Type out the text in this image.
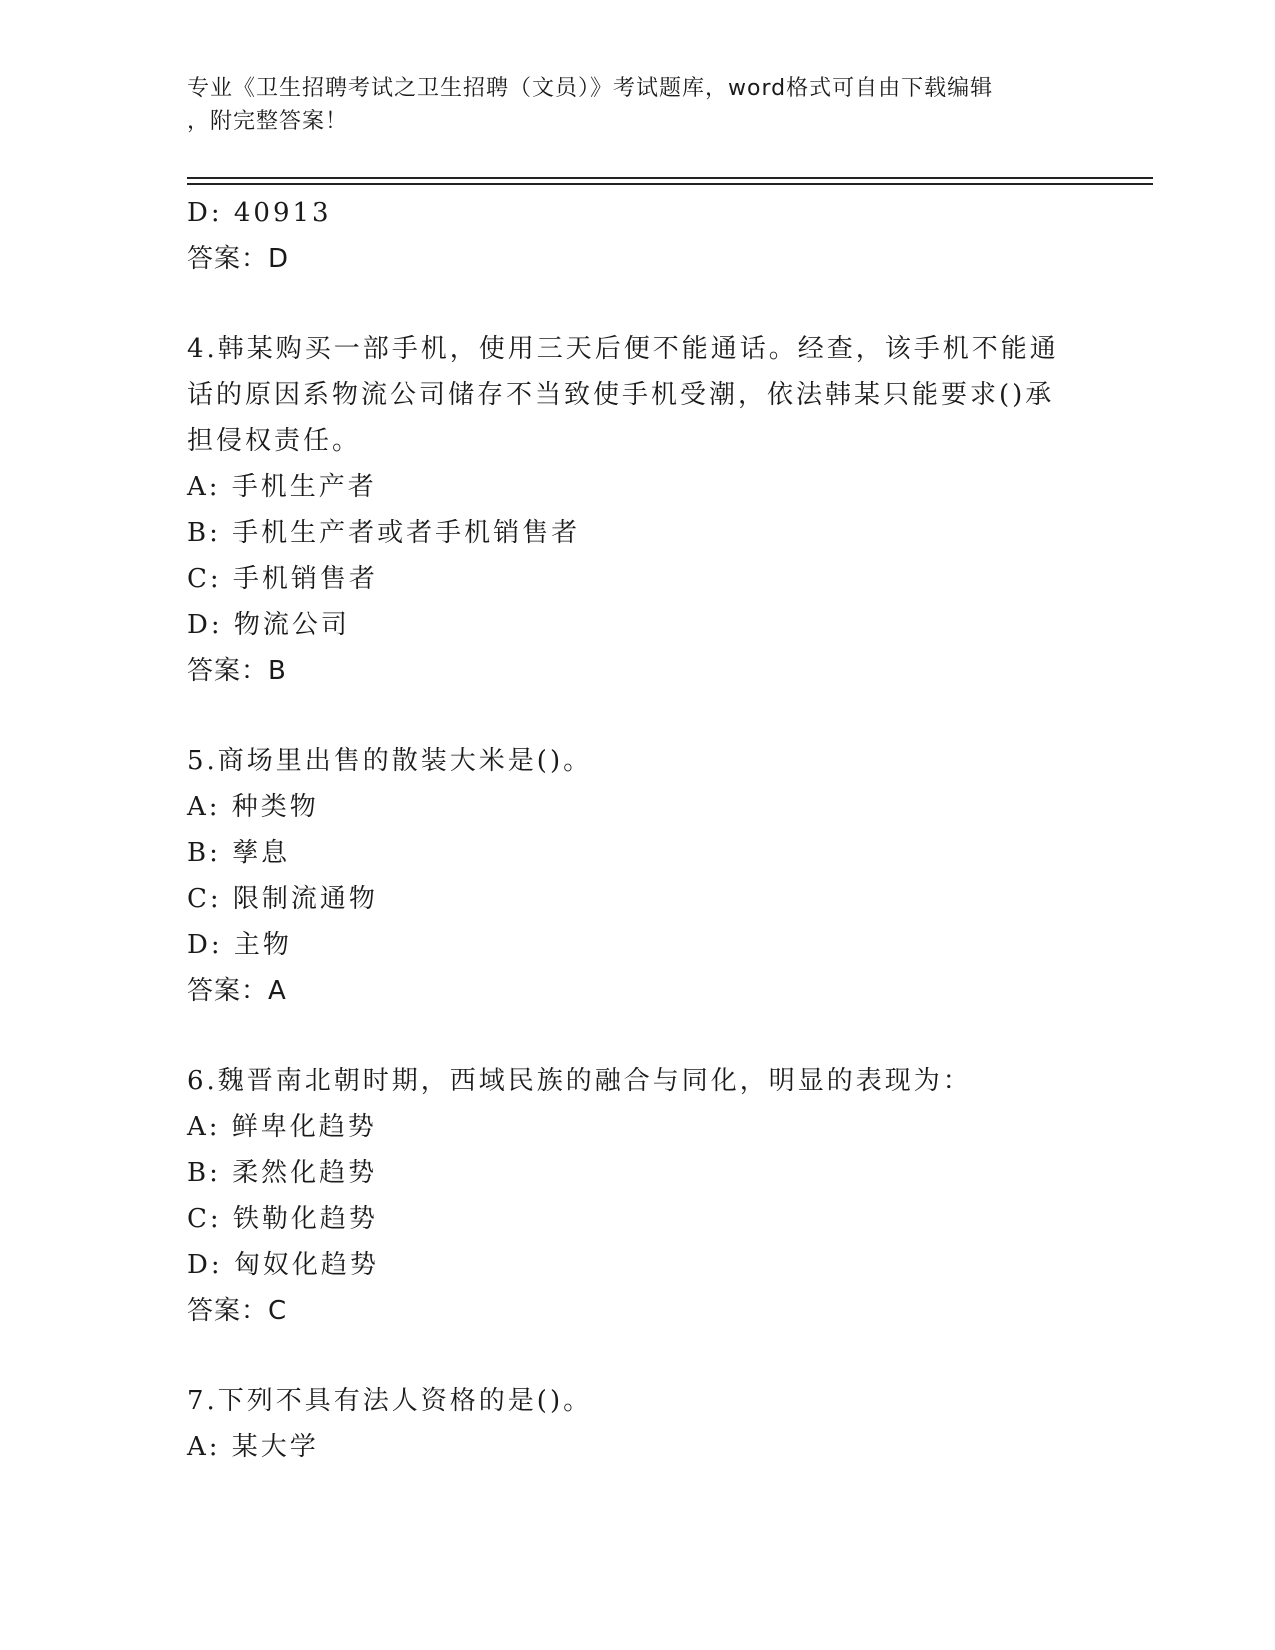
专业《卫生招聘考试之卫生招聘（文员）》考试题库，word格式可自由下载编辑
，附完整答案！
D: 40913
答案：D
4.韩某购买一部手机，使用三天后便不能通话。经查，该手机不能通
话的原因系物流公司储存不当致使手机受潮，依法韩某只能要求()承
担侵权责任。
A: 手机生产者
B: 手机生产者或者手机销售者
C: 手机销售者
D: 物流公司
答案：B
5.商场里出售的散装大米是()。
A: 种类物
B: 孳息
C: 限制流通物
D: 主物
答案：A
6.魏晋南北朝时期，西域民族的融合与同化，明显的表现为：
A: 鲜卑化趋势
B: 柔然化趋势
C: 铁勒化趋势
D: 匈奴化趋势
答案：C
7.下列不具有法人资格的是()。
A: 某大学
